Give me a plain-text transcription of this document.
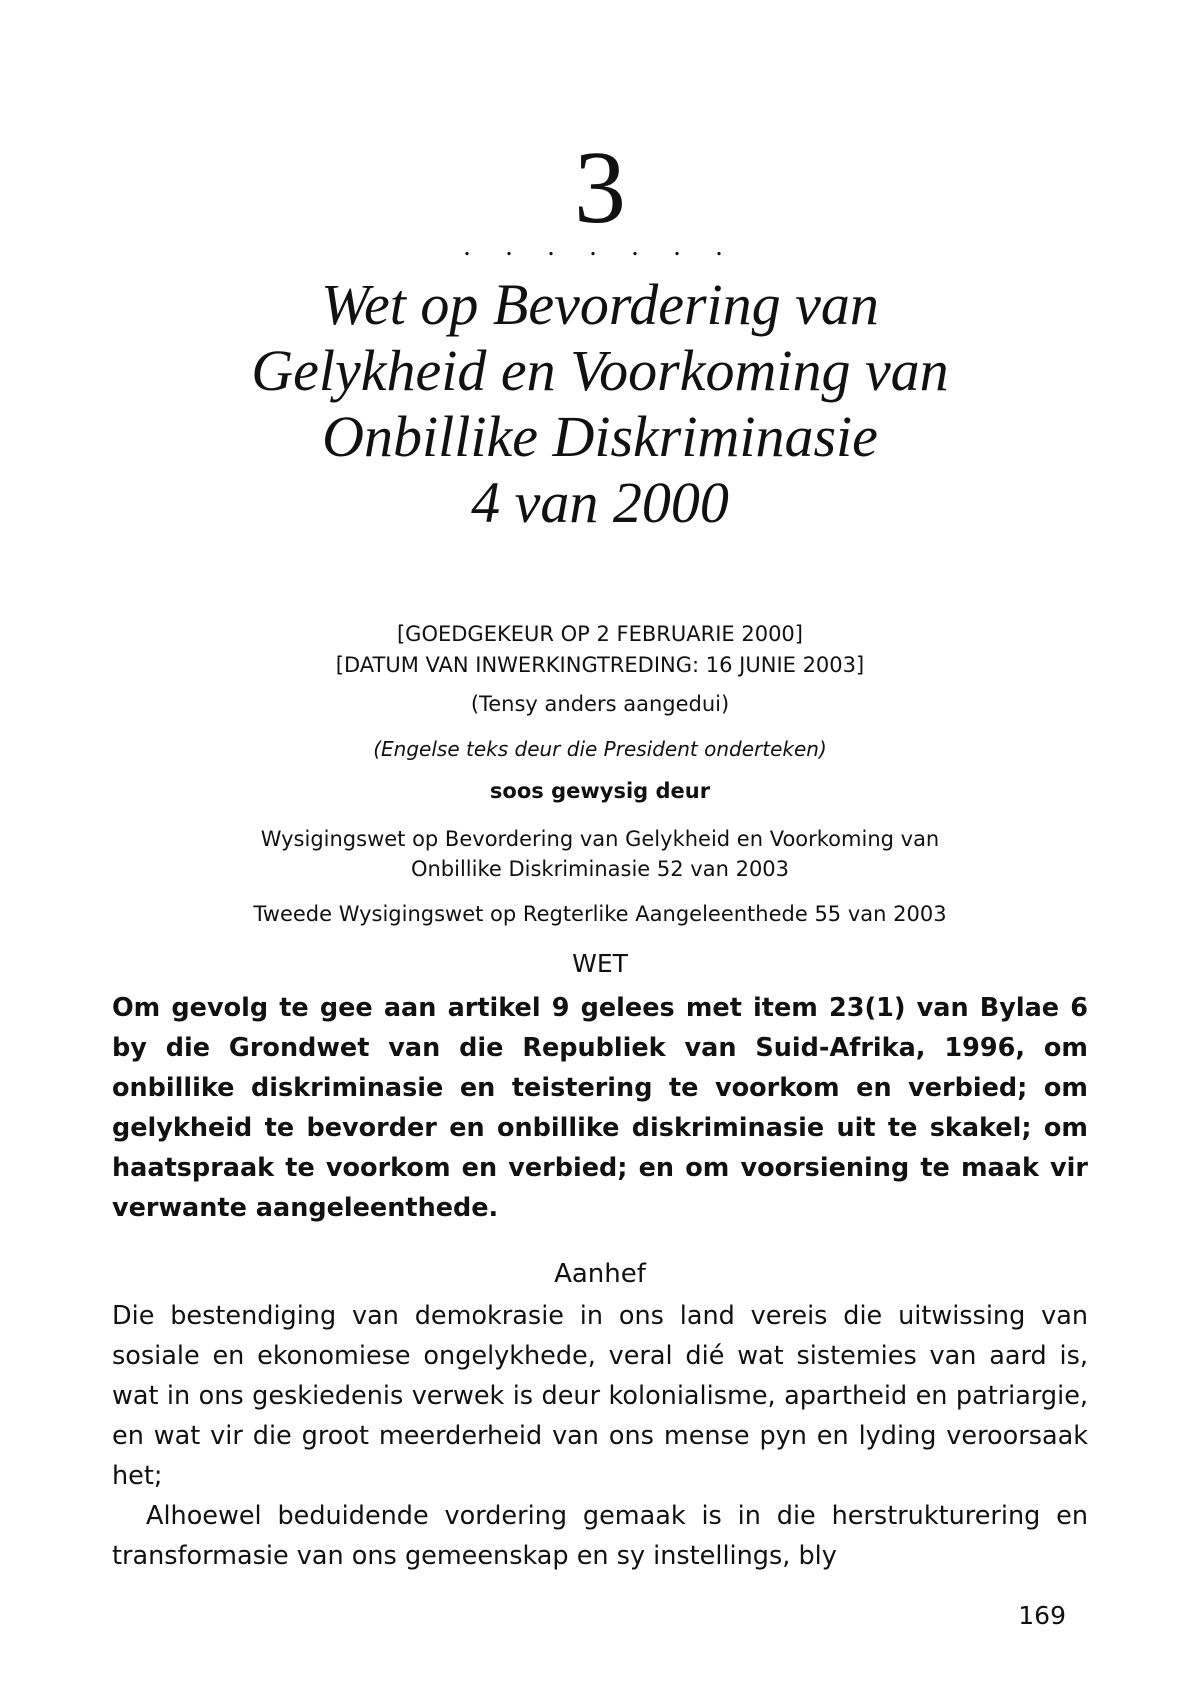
3
. . . . . . .
Wet op Bevordering van
Gelykheid en Voorkoming van
Onbillike Diskriminasie
4 van 2000
[GOEDGEKEUR OP 2 FEBRUARIE 2000]
[DATUM VAN INWERKINGTREDING: 16 JUNIE 2003]
(Tensy anders aangedui)
(Engelse teks deur die President onderteken)
soos gewysig deur
Wysigingswet op Bevordering van Gelykheid en Voorkoming van
Onbillike Diskriminasie 52 van 2003
Tweede Wysigingswet op Regterlike Aangeleenthede 55 van 2003
WET
Om gevolg te gee aan artikel 9 gelees met item 23(1) van Bylae 6 by die Grondwet van die Republiek van Suid-Afrika, 1996, om onbillike diskriminasie en teistering te voorkom en verbied; om gelykheid te bevorder en onbillike diskriminasie uit te skakel; om haatspraak te voorkom en verbied; en om voorsiening te maak vir verwante aangeleenthede.
Aanhef

Die bestendiging van demokrasie in ons land vereis die uitwissing van sosiale en ekonomiese ongelykhede, veral dié wat sistemies van aard is, wat in ons geskiedenis verwek is deur kolonialisme, apartheid en patriargie, en wat vir die groot meerderheid van ons mense pyn en lyding veroorsaak het;

Alhoewel beduidende vordering gemaak is in die herstrukturering en transformasie van ons gemeenskap en sy instellings, bly

169
